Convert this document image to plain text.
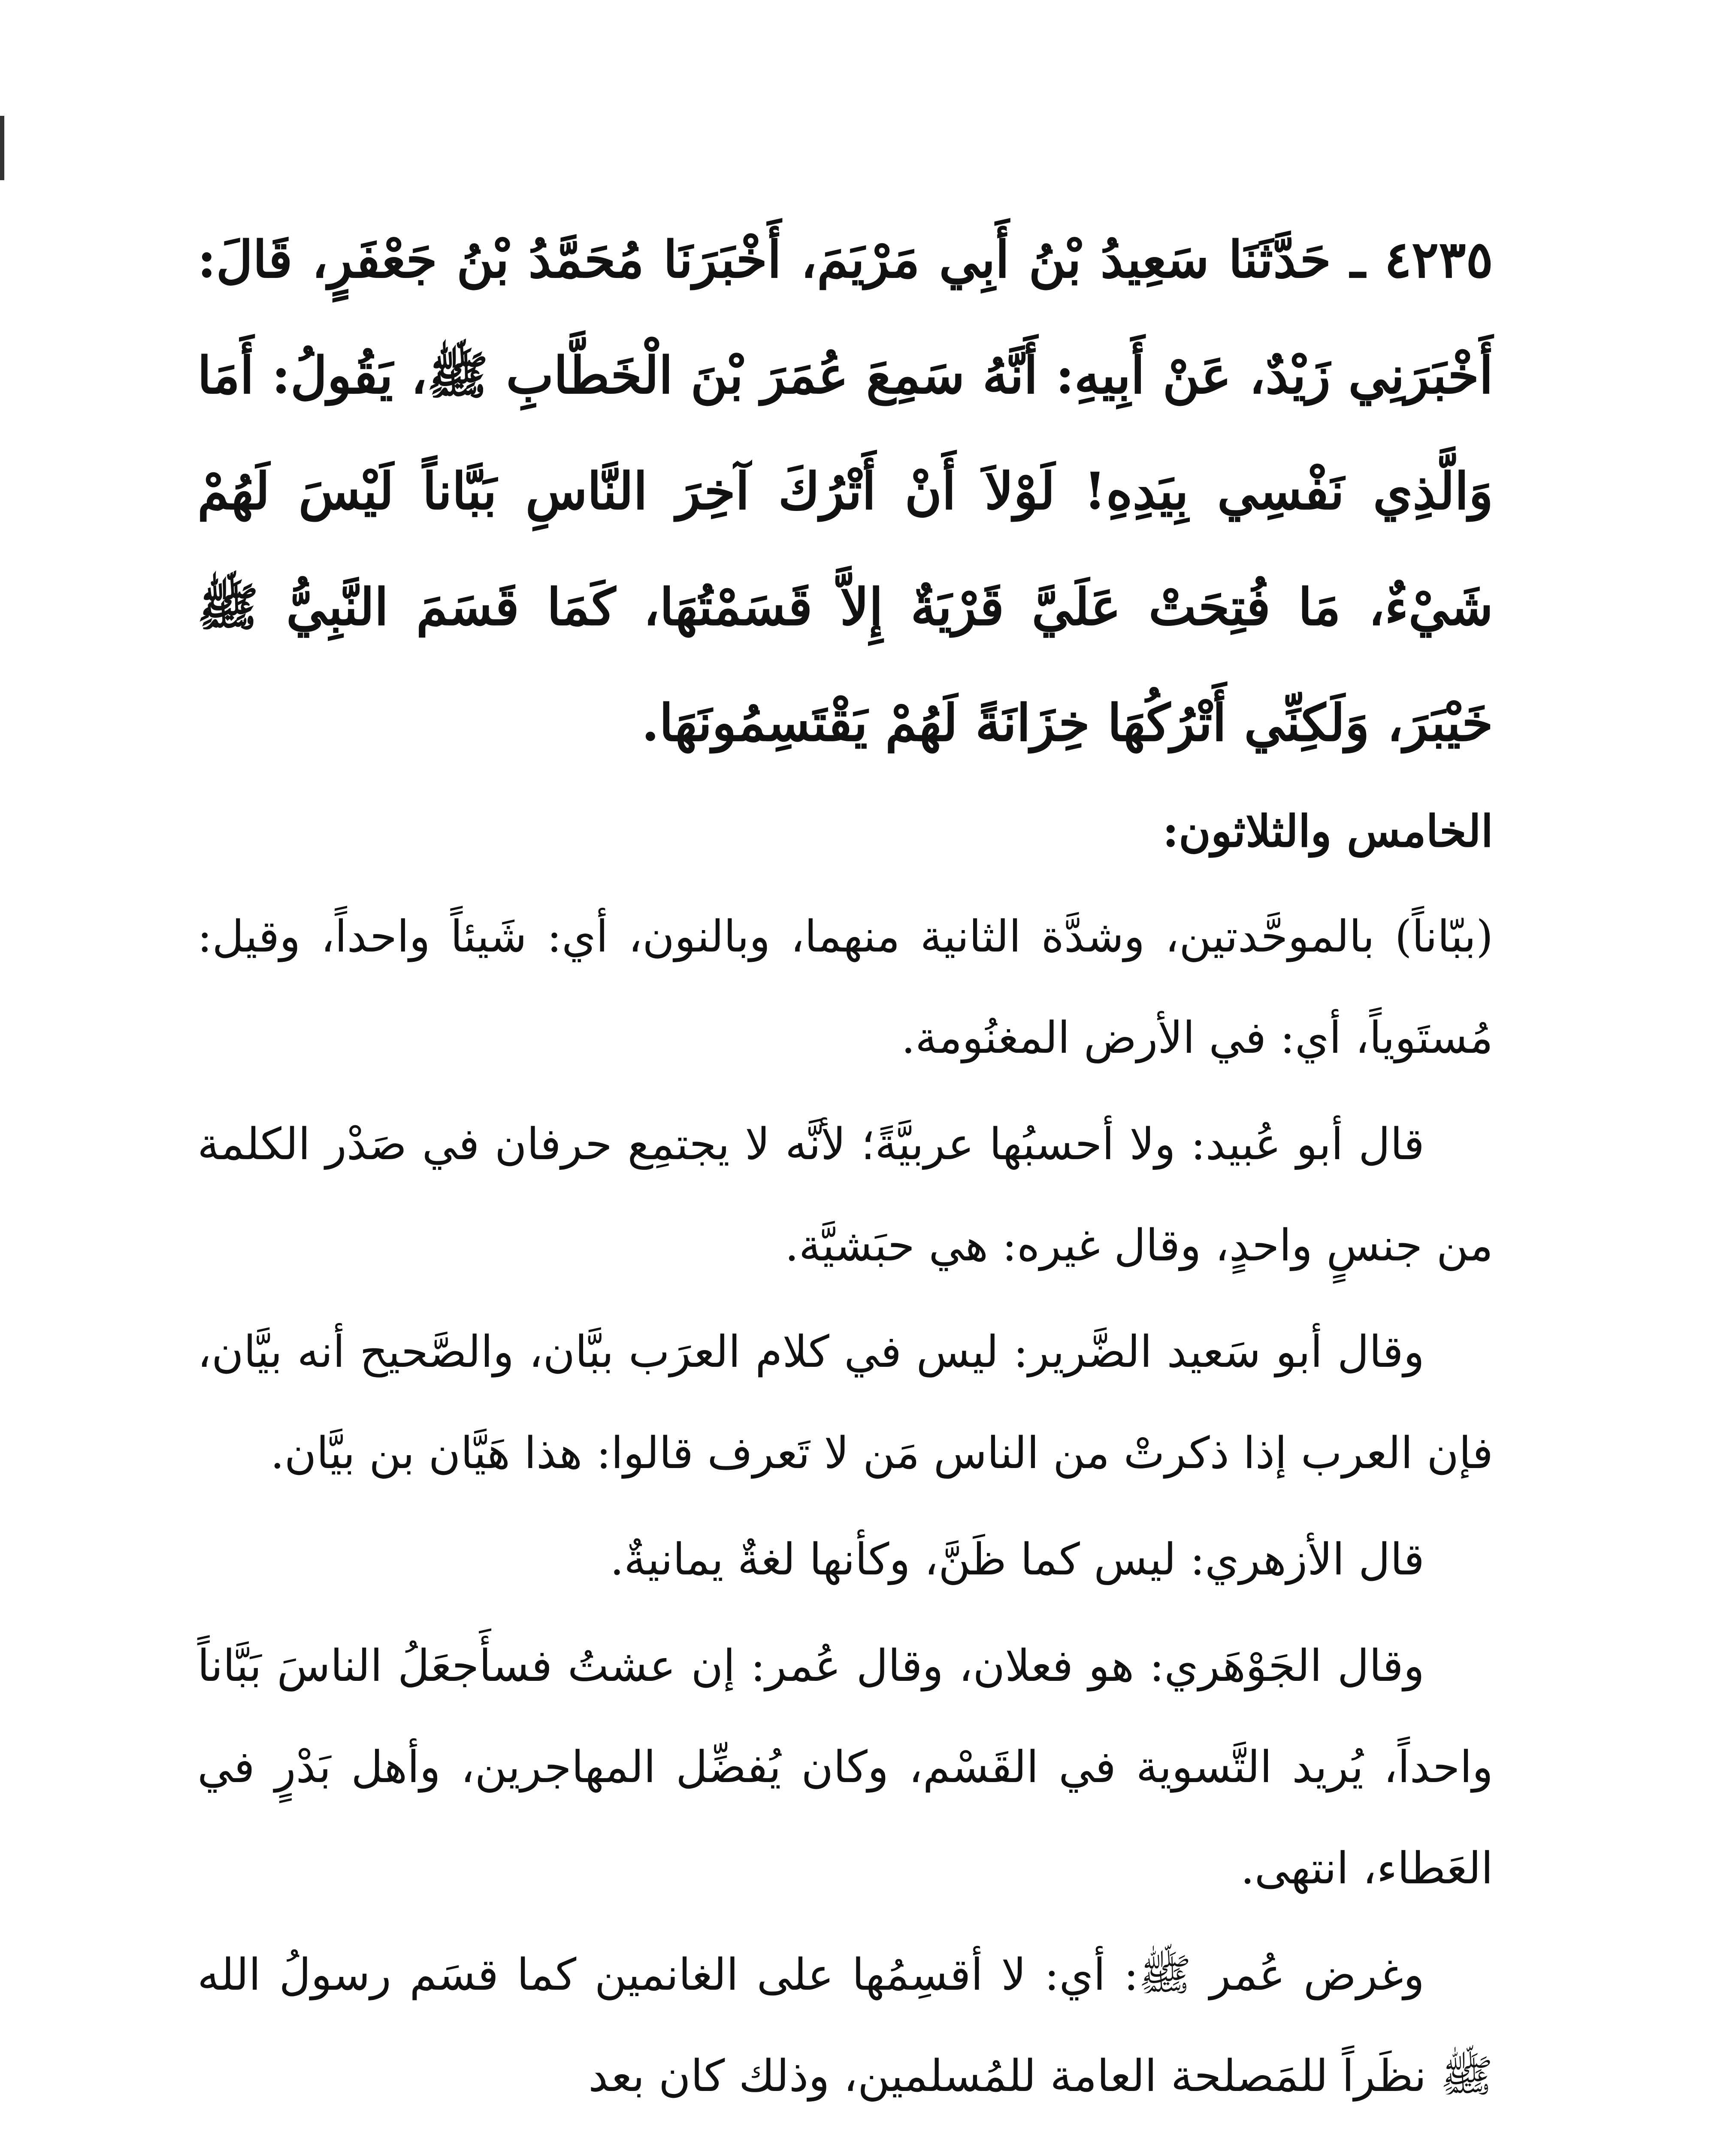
٤٢٣٥ ـ حَدَّثَنَا سَعِيدُ بْنُ أَبِي مَرْيَمَ، أَخْبَرَنَا مُحَمَّدُ بْنُ جَعْفَرٍ، قَالَ: أَخْبَرَنِي زَيْدٌ، عَنْ أَبِيهِ: أَنَّهُ سَمِعَ عُمَرَ بْنَ الْخَطَّابِ ﷺ، يَقُولُ: أَمَا وَالَّذِي نَفْسِي بِيَدِهِ! لَوْلاَ أَنْ أَتْرُكَ آخِرَ النَّاسِ بَبَّاناً لَيْسَ لَهُمْ شَيْءٌ، مَا فُتِحَتْ عَلَيَّ قَرْيَةٌ إِلاَّ قَسَمْتُهَا، كَمَا قَسَمَ النَّبِيُّ ﷺ خَيْبَرَ، وَلَكِنِّي أَتْرُكُهَا خِزَانَةً لَهُمْ يَقْتَسِمُونَهَا.

الخامس والثلاثون:

(ببّاناً) بالموحَّدتين، وشدَّة الثانية منهما، وبالنون، أي: شَيئاً واحداً، وقيل: مُستَوياً، أي: في الأرض المغنُومة.

قال أبو عُبيد: ولا أحسبُها عربيَّةً؛ لأنَّه لا يجتمِع حرفان في صَدْر الكلمة من جنسٍ واحدٍ، وقال غيره: هي حبَشيَّة.

وقال أبو سَعيد الضَّرير: ليس في كلام العرَب ببَّان، والصَّحيح أنه بيَّان، فإن العرب إذا ذكرتْ من الناس مَن لا تَعرف قالوا: هذا هَيَّان بن بيَّان.

قال الأزهري: ليس كما ظَنَّ، وكأنها لغةٌ يمانيةٌ.

وقال الجَوْهَري: هو فعلان، وقال عُمر: إن عشتُ فسأَجعَلُ الناسَ بَبَّاناً واحداً، يُريد التَّسوية في القَسْم، وكان يُفضِّل المهاجرين، وأهل بَدْرٍ في العَطاء، انتهى.

وغرض عُمر ﷺ: أي: لا أقسِمُها على الغانمين كما قسَم رسولُ الله ﷺ نظَراً للمَصلحة العامة للمُسلمين، وذلك كان بعد
